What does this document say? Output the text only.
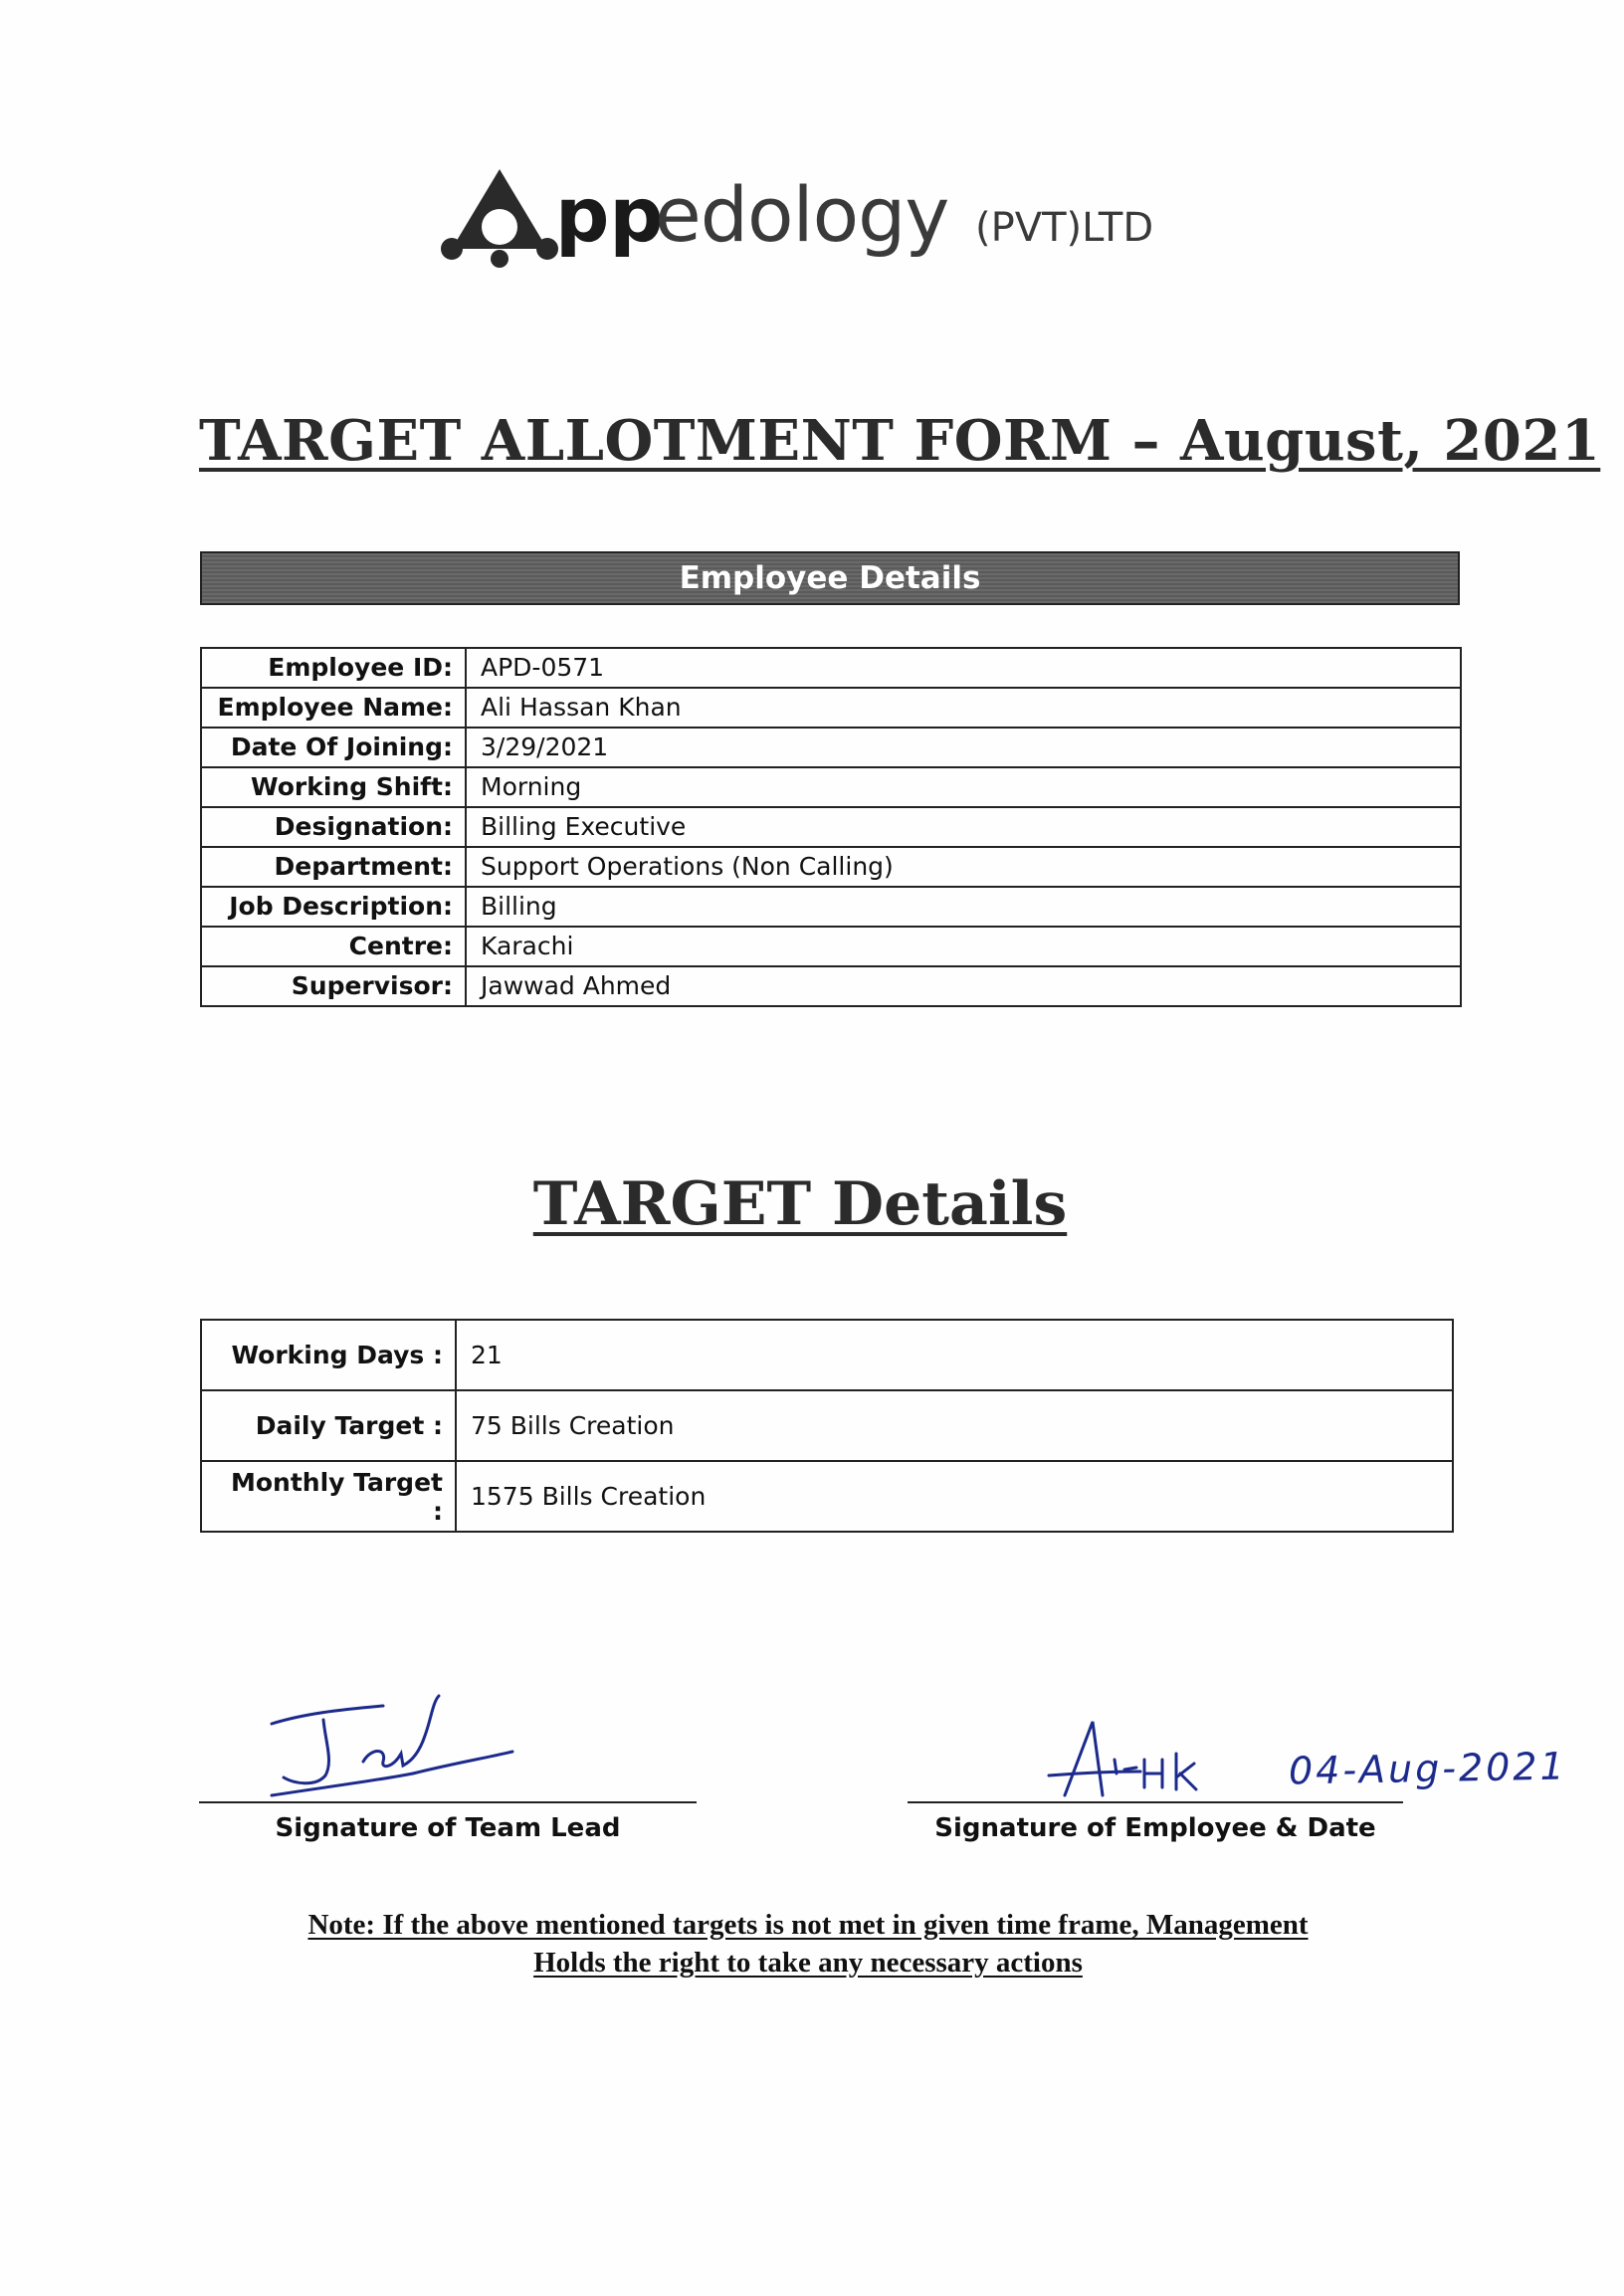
pp
edology (PVT)LTD
TARGET ALLOTMENT FORM – August, 2021
Employee Details
Employee ID:	APD-0571
Employee Name:	Ali Hassan Khan
Date Of Joining:	3/29/2021
Working Shift:	Morning
Designation:	Billing Executive
Department:	Support Operations (Non Calling)
Job Description:	Billing
Centre:	Karachi
Supervisor:	Jawwad Ahmed
TARGET Details
Working Days :	21
Daily Target :	75 Bills Creation
Monthly Target :	1575 Bills Creation
04-Aug-2021
Signature of Team Lead	Signature of Employee & Date
Note: If the above mentioned targets is not met in given time frame, Management
Holds the right to take any necessary actions
